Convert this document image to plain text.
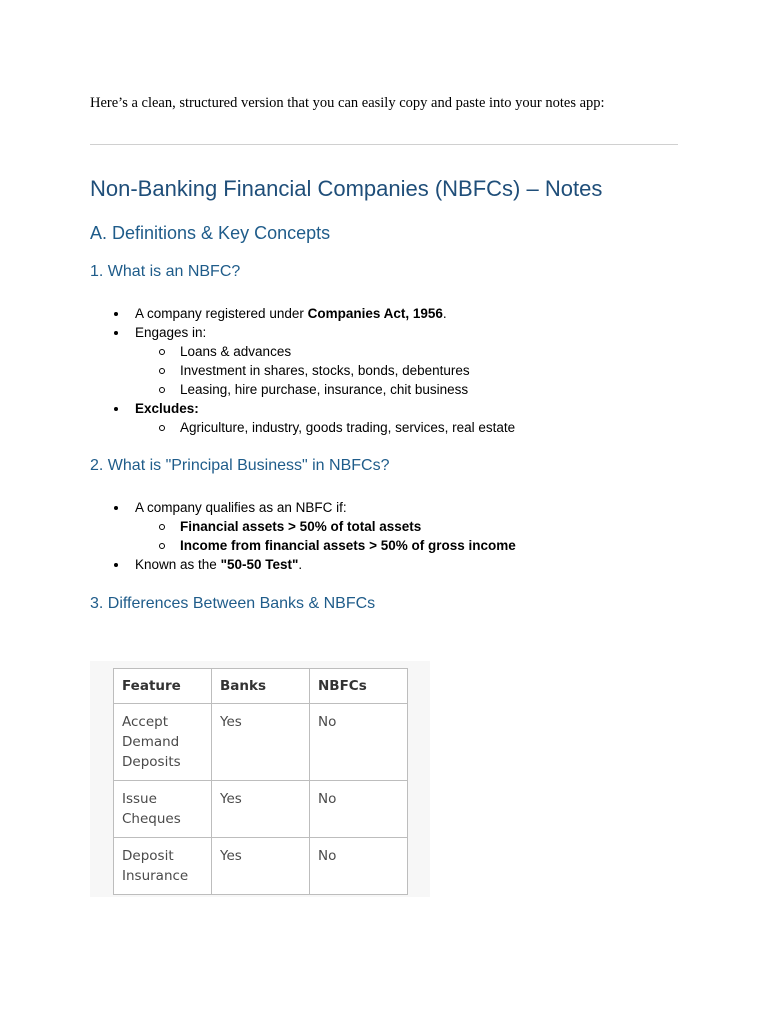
Here’s a clean, structured version that you can easily copy and paste into your notes app:

Non-Banking Financial Companies (NBFCs) – Notes
A. Definitions & Key Concepts
1. What is an NBFC?
A company registered under Companies Act, 1956.
Engages in:
Loans & advances
Investment in shares, stocks, bonds, debentures
Leasing, hire purchase, insurance, chit business
Excludes:
Agriculture, industry, goods trading, services, real estate
2. What is "Principal Business" in NBFCs?
A company qualifies as an NBFC if:
Financial assets > 50% of total assets
Income from financial assets > 50% of gross income
Known as the "50-50 Test".
3. Differences Between Banks & NBFCs
Feature	Banks	NBFCs
Accept Demand Deposits	Yes	No
Issue Cheques	Yes	No
Deposit Insurance	Yes	No
